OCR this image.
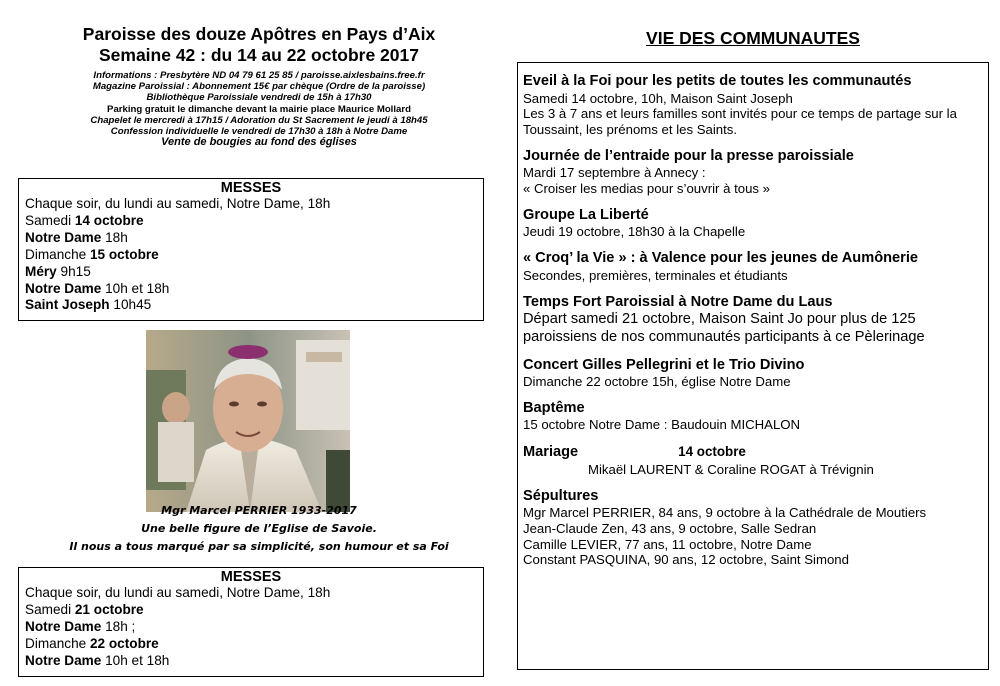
Paroisse des douze Apôtres en Pays d’Aix
Semaine 42 : du 14 au 22 octobre 2017
Informations : Presbytère ND 04 79 61 25 85 / paroisse.aixlesbains.free.fr
Magazine Paroissial : Abonnement 15€ par chèque (Ordre de la paroisse)
Bibliothèque Paroissiale vendredi de 15h à 17h30
Parking gratuit le dimanche devant la mairie place Maurice Mollard
Chapelet le mercredi à 17h15 / Adoration du St Sacrement le jeudi à 18h45
Confession individuelle le vendredi de 17h30 à 18h à Notre Dame
Vente de bougies au fond des églises
MESSES
Chaque soir, du lundi au samedi, Notre Dame, 18h
Samedi 14 octobre
Notre Dame 18h
Dimanche 15 octobre
Méry 9h15
Notre Dame 10h et 18h
Saint Joseph 10h45
Mgr Marcel PERRIER 1933-2017
Une belle figure de l’Eglise de Savoie.
Il nous a tous marqué par sa simplicité, son humour et sa Foi
MESSES
Chaque soir, du lundi au samedi, Notre Dame, 18h
Samedi 21 octobre
Notre Dame 18h ;
Dimanche 22 octobre
Notre Dame 10h et 18h
VIE DES COMMUNAUTES
Eveil à la Foi pour les petits de toutes les communautés
Samedi 14 octobre, 10h, Maison Saint Joseph
Les 3 à 7 ans et leurs familles sont invités pour ce temps de partage sur la Toussaint, les prénoms et les Saints.
Journée de l’entraide pour la presse paroissiale
Mardi 17 septembre à Annecy :
« Croiser les medias pour s’ouvrir à tous »
Groupe La Liberté
Jeudi 19 octobre, 18h30 à la Chapelle
« Croq’ la Vie » : à Valence pour les jeunes de Aumônerie
Secondes, premières, terminales et étudiants
Temps Fort Paroissial à Notre Dame du Laus
Départ samedi 21 octobre, Maison Saint Jo pour plus de 125 paroissiens de nos communautés participants à ce Pèlerinage
Concert Gilles Pellegrini et le Trio Divino
Dimanche 22 octobre 15h, église Notre Dame
Baptême
15 octobre Notre Dame : Baudouin MICHALON
Mariage	14 octobre
Mikaël LAURENT & Coraline ROGAT à Trévignin
Sépultures
Mgr Marcel PERRIER, 84 ans, 9 octobre à la Cathédrale de Moutiers
Jean-Claude Zen, 43 ans, 9 octobre, Salle Sedran
Camille LEVIER, 77 ans, 11 octobre, Notre Dame
Constant PASQUINA, 90 ans, 12 octobre, Saint Simond
